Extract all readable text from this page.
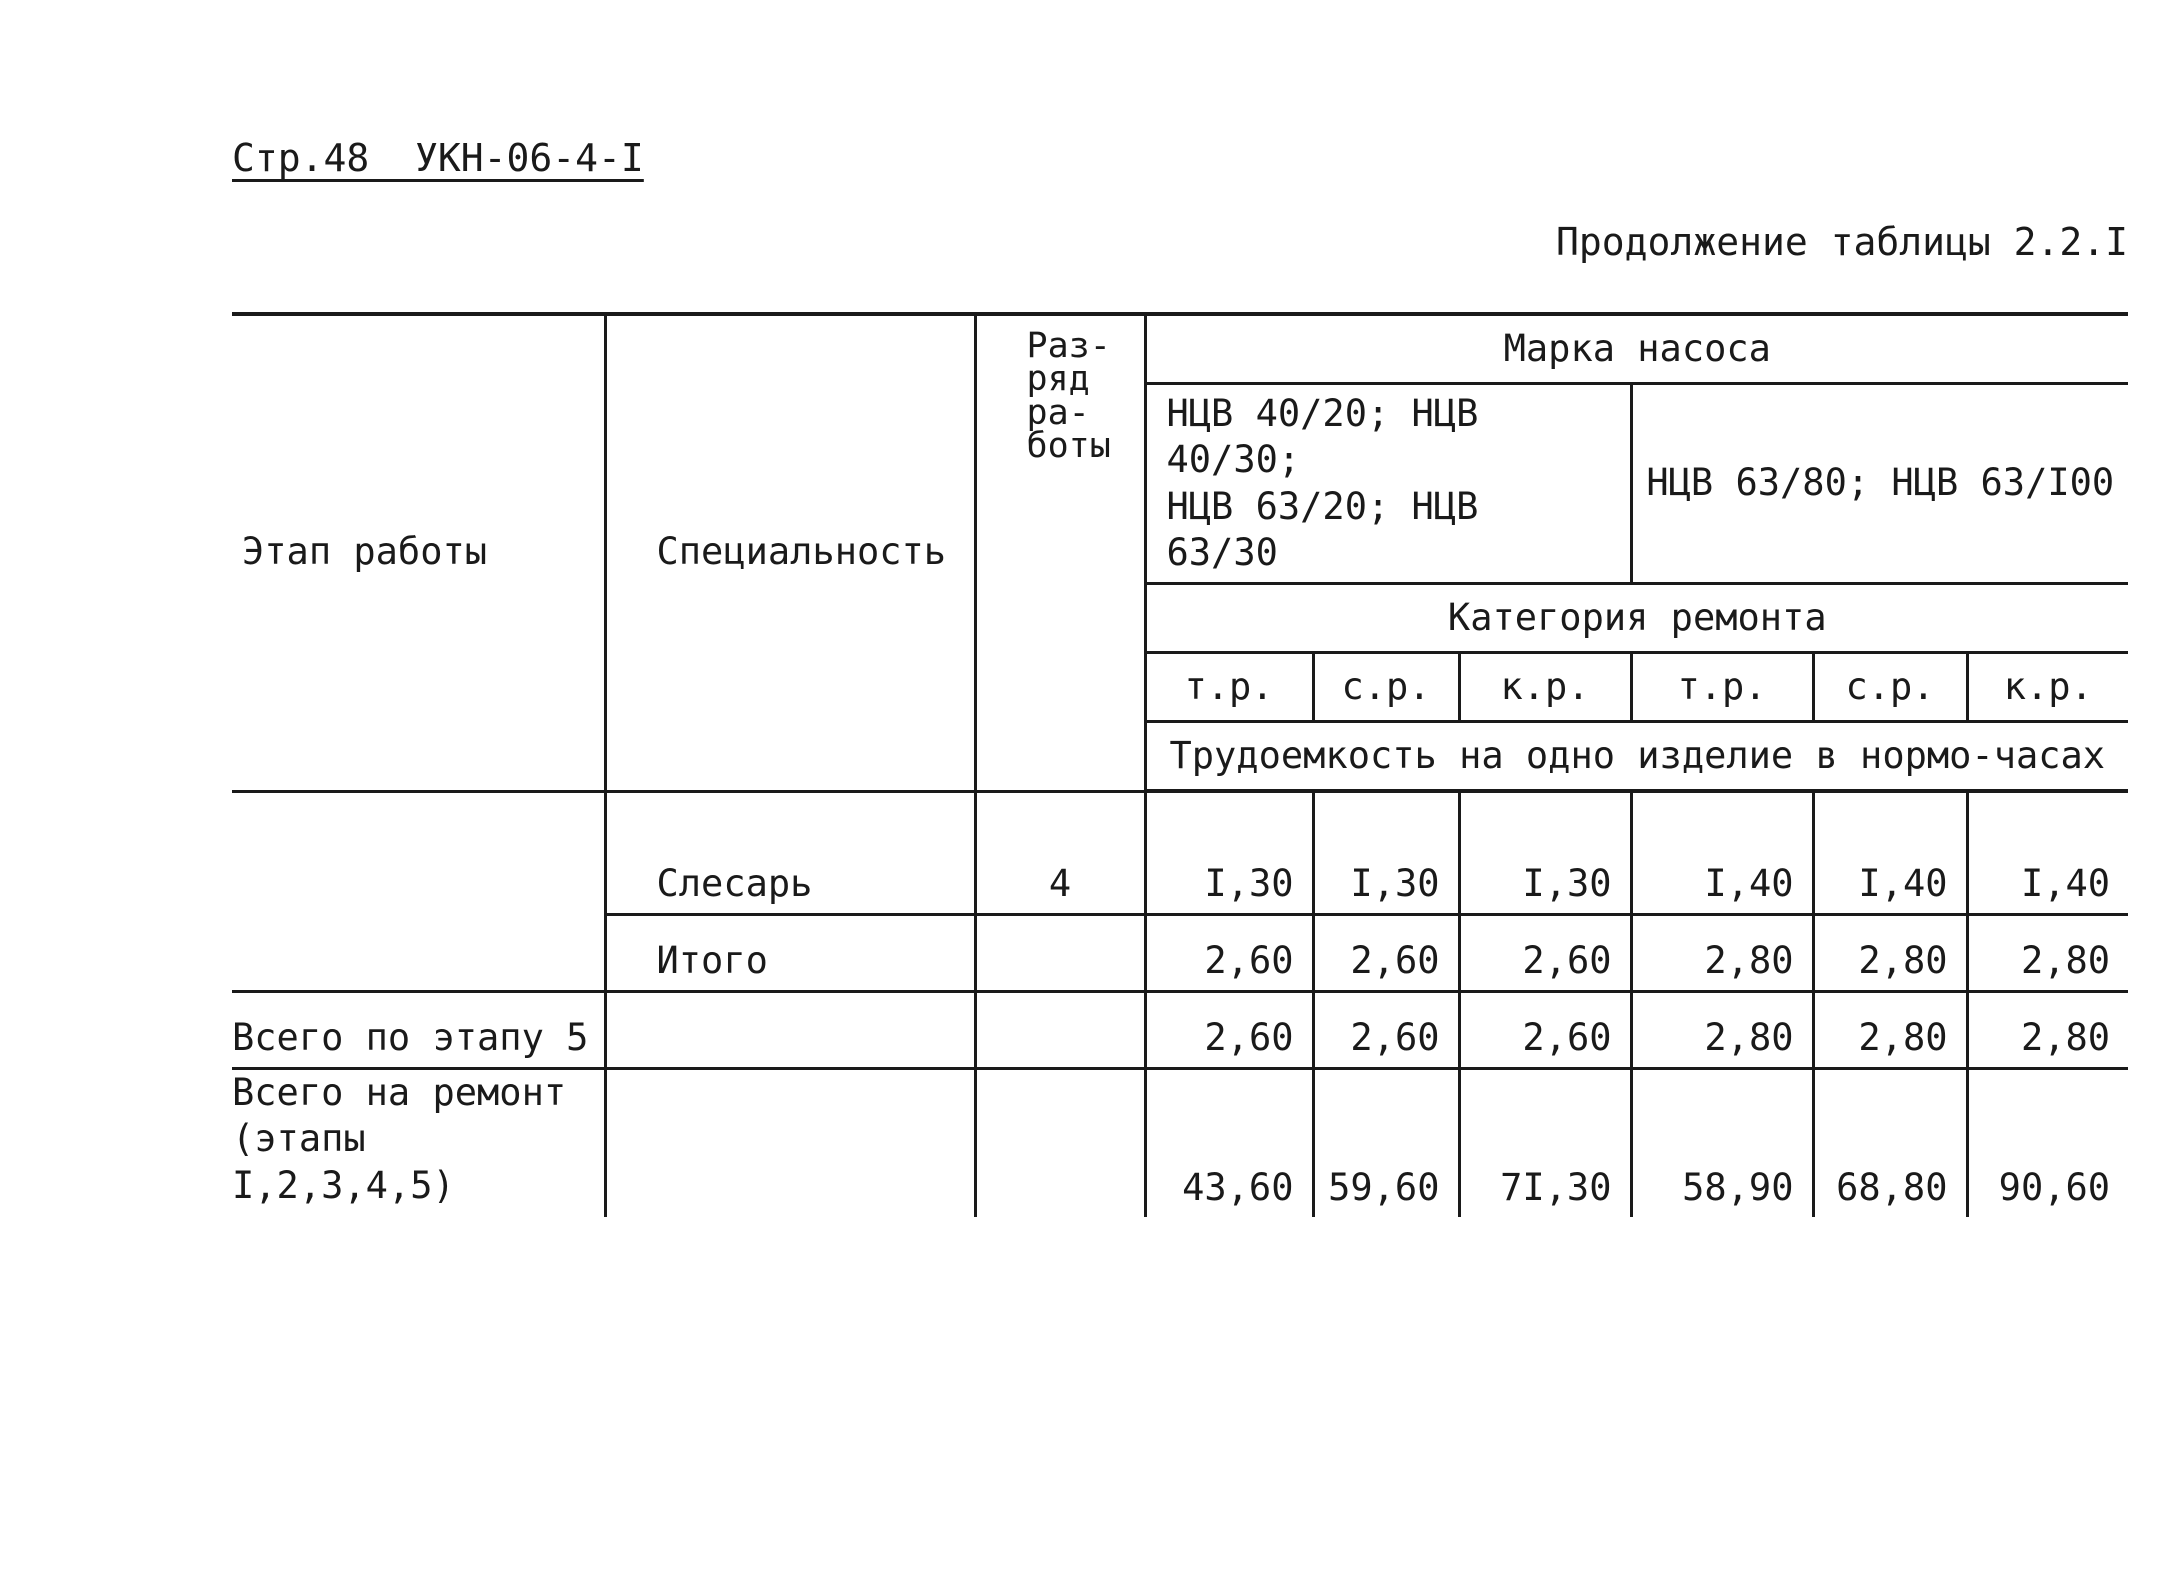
Стр.48  УКН-06-4-I
Продолжение таблицы 2.2.I
Этап работы	Специальность	Раз-
ряд
ра-
боты	Марка насоса					
			НЦВ 40/20; НЦВ 40/30;
НЦВ 63/20; НЦВ 63/30			НЦВ 63/80; НЦВ 63/I00		
			Категория ремонта					
			т.р.	с.р.	к.р.	т.р.	с.р.	к.р.
			Трудоемкость на одно изделие в нормо-часах					
	Слесарь	4	I,30	I,30	I,30	I,40	I,40	I,40
	Итого		2,60	2,60	2,60	2,80	2,80	2,80
Всего по этапу 5			2,60	2,60	2,60	2,80	2,80	2,80
Всего на ремонт
(этапы I,2,3,4,5)			43,60	59,60	7I,30	58,90	68,80	90,60
